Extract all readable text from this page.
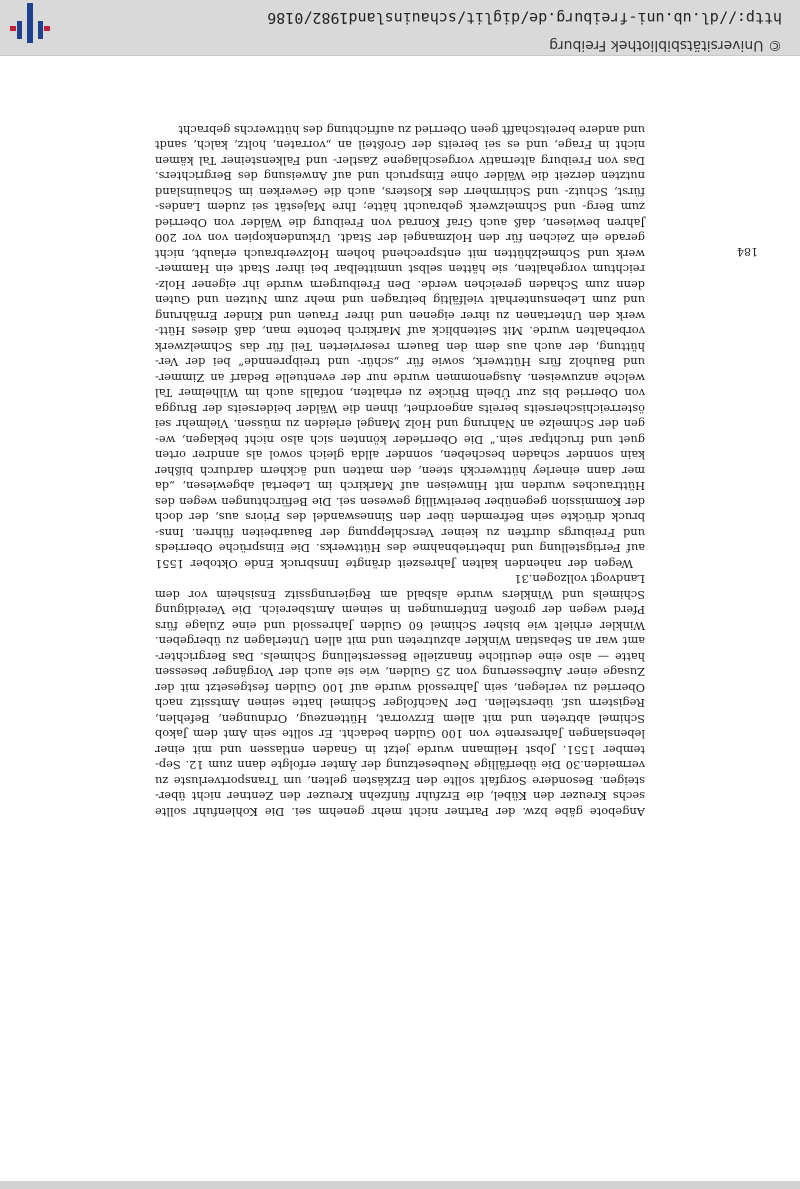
184
Angebote gäbe bzw. der Partner nicht mehr genehm sei. Die Kohlenfuhr sollte
sechs Kreuzer den Kübel, die Erzfuhr fünfzehn Kreuzer den Zentner nicht über-
steigen. Besondere Sorgfalt sollte den Erzkästen gelten, um Transportverluste zu
vermeiden.30 Die überfällige Neubesetzung der Ämter erfolgte dann zum 12. Sep-
tember 1551. Jobst Heilmann wurde jetzt in Gnaden entlassen und mit einer
lebenslangen Jahresrente von 100 Gulden bedacht. Er sollte sein Amt dem Jakob
Schimel abtreten und mit allem Erzvorrat, Hüttenzeug, Ordnungen, Befehlen,
Registern usf. überstellen. Der Nachfolger Schimel hatte seinen Amtssitz nach
Oberried zu verlegen, sein Jahressold wurde auf 100 Gulden festgesetzt mit der
Zusage einer Aufbesserung von 25 Gulden, wie sie auch der Vorgänger besessen
hatte — also eine deutliche finanzielle Besserstellung Schimels. Das Bergrichter-
amt war an Sebastian Winkler abzutreten und mit allen Unterlagen zu übergeben.
Winkler erhielt wie bisher Schimel 60 Gulden Jahressold und eine Zulage fürs
Pferd wegen der großen Entfernungen in seinem Amtsbereich. Die Vereidigung
Schimels und Winklers wurde alsbald am Regierungssitz Ensisheim vor dem
Landvogt vollzogen.31
Wegen der nahenden kalten Jahreszeit drängte Innsbruck Ende Oktober 1551
auf Fertigstellung und Inbetriebnahme des Hüttwerks. Die Einsprüche Oberrieds
und Freiburgs durften zu keiner Verschleppung der Bauarbeiten führen. Inns-
bruck drückte sein Befremden über den Sinneswandel des Priors aus, der doch
der Kommission gegenüber bereitwillig gewesen sei. Die Befürchtungen wegen des
Hüttrauches wurden mit Hinweisen auf Markirch im Lebertal abgewiesen, „da
mer dann einerley hüttwerckh steen, den matten und äckhern dardurch bißher
kain sonnder schaden bescheben, sonnder allda gleich sowol als anndrer orten
guet und fruchtpar sein.“ Die Oberrieder könnten sich also nicht beklagen, we-
gen der Schmelze an Nahrung und Holz Mangel erleiden zu müssen. Vielmehr sei
österreichischerseits bereits angeordnet, ihnen die Wälder beiderseits der Brugga
von Oberried bis zur Übeln Brücke zu erhalten, notfalls auch im Wilhelmer Tal
welche anzuweisen. Ausgenommen wurde nur der eventuelle Bedarf an Zimmer-
und Bauholz fürs Hüttwerk, sowie für „schür- und treibprennde“ bei der Ver-
hüttung, der auch aus dem den Bauern reservierten Teil für das Schmelzwerk
vorbehalten wurde. Mit Seitenblick auf Markirch betonte man, daß dieses Hütt-
werk den Untertanen zu ihrer eigenen und ihrer Frauen und Kinder Ernährung
und zum Lebensunterhalt vielfältig beitragen und mehr zum Nutzen und Guten
denn zum Schaden gereichen werde. Den Freiburgern wurde ihr eigener Holz-
reichtum vorgehalten, sie hätten selbst unmittelbar bei ihrer Stadt ein Hammer-
werk und Schmelzhütten mit entsprechend hohem Holzverbrauch erlaubt, nicht
gerade ein Zeichen für den Holzmangel der Stadt. Urkundenkopien von vor 200
Jahren bewiesen, daß auch Graf Konrad von Freiburg die Wälder von Oberried
zum Berg- und Schmelzwerk gebraucht hätte; Ihre Majestät sei zudem Landes-
fürst, Schutz- und Schirmherr des Klosters, auch die Gewerken im Schauinsland
nutzten derzeit die Wälder ohne Einspruch und auf Anweisung des Bergrichters.
Das von Freiburg alternativ vorgeschlagene Zastler- und Falkensteiner Tal kämen
nicht in Frage, und es sei bereits der Großteil an „vorraten, holtz, kalch, sandt
und andere bereitschafft geen Oberried zu aufrichtung des hüttwerchs gebracht
© Universitätsbibliothek Freiburg
http://dl.ub.uni-freiburg.de/diglit/schauinsland1982/0186
